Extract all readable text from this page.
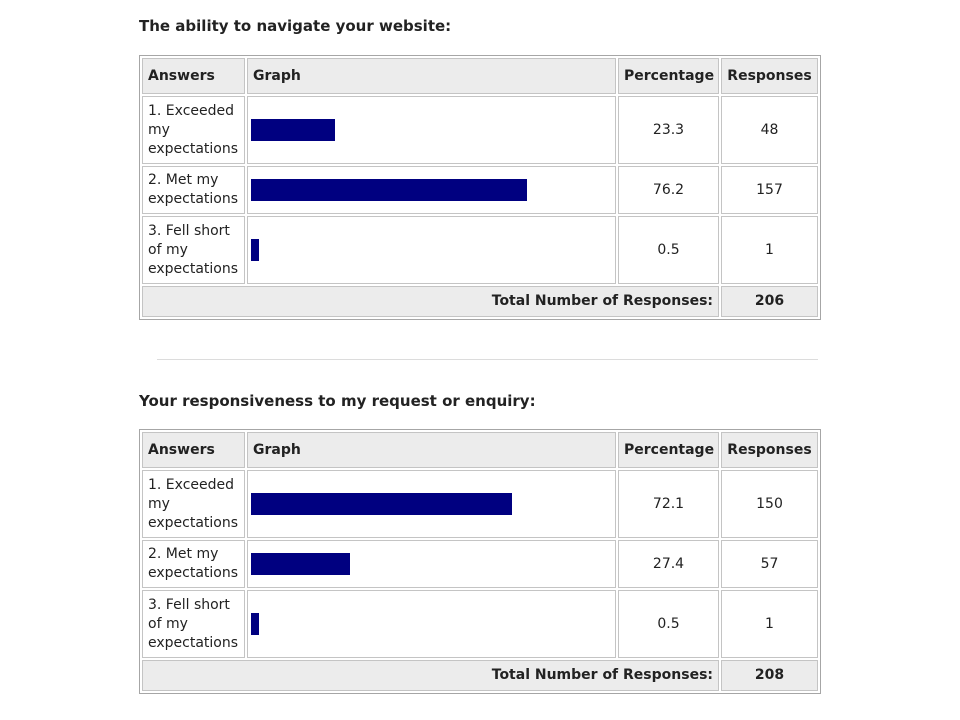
The ability to navigate your website:
Answers	Graph	Percentage	Responses
1. Exceeded my expectations		23.3	48
2. Met my expectations		76.2	157
3. Fell short of my expectations		0.5	1
Total Number of Responses:			206
Your responsiveness to my request or enquiry:
Answers	Graph	Percentage	Responses
1. Exceeded my expectations		72.1	150
2. Met my expectations		27.4	57
3. Fell short of my expectations		0.5	1
Total Number of Responses:			208
